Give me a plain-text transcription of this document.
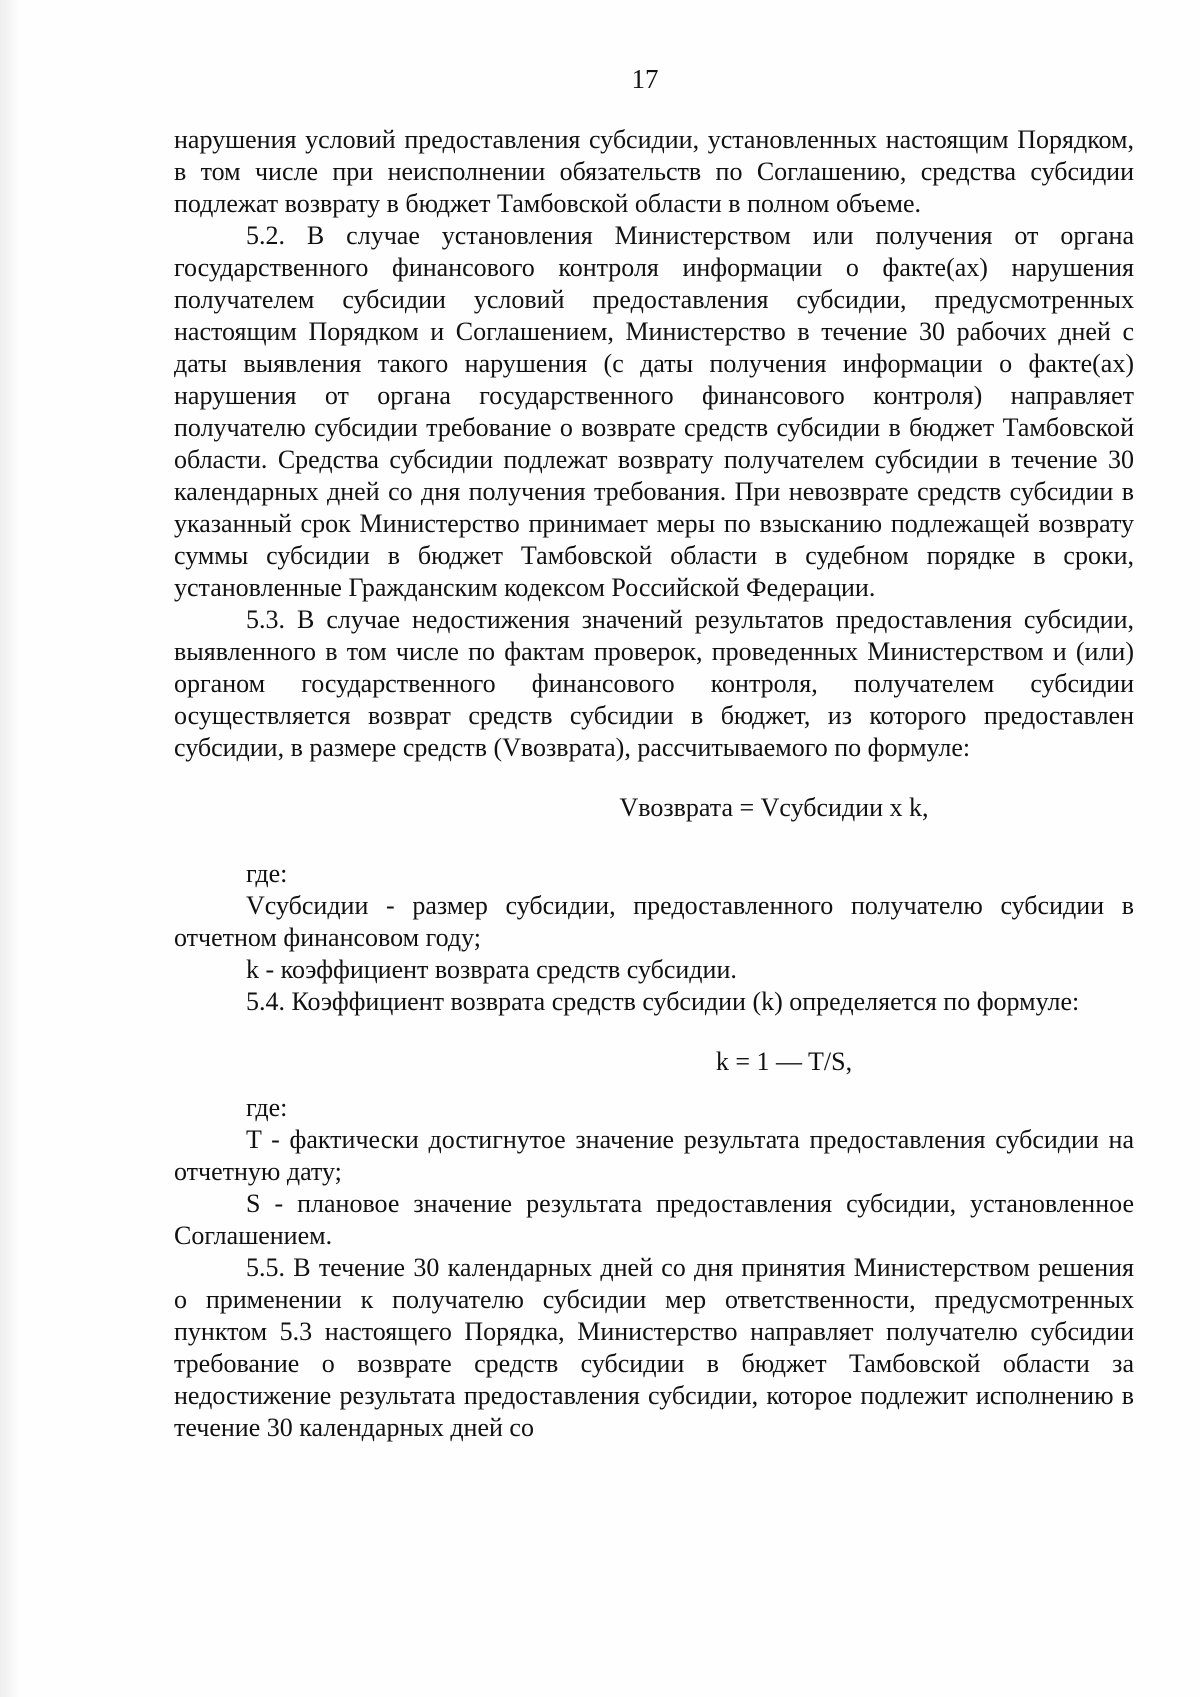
17

нарушения условий предоставления субсидии, установленных настоящим Порядком, в том числе при неисполнении обязательств по Соглашению, средства субсидии подлежат возврату в бюджет Тамбовской области в полном объеме.

5.2. В случае установления Министерством или получения от органа государственного финансового контроля информации о факте(ах) нарушения получателем субсидии условий предоставления субсидии, предусмотренных настоящим Порядком и Соглашением, Министерство в течение 30 рабочих дней с даты выявления такого нарушения (с даты получения информации о факте(ах) нарушения от органа государственного финансового контроля) направляет получателю субсидии требование о возврате средств субсидии в бюджет Тамбовской области. Средства субсидии подлежат возврату получателем субсидии в течение 30 календарных дней со дня получения требования. При невозврате средств субсидии в указанный срок Министерство принимает меры по взысканию подлежащей возврату суммы субсидии в бюджет Тамбовской области в судебном порядке в сроки, установленные Гражданским кодексом Российской Федерации.

5.3. В случае недостижения значений результатов предоставления субсидии, выявленного в том числе по фактам проверок, проведенных Министерством и (или) органом государственного финансового контроля, получателем субсидии осуществляется возврат средств субсидии в бюджет, из которого предоставлен субсидии, в размере средств (Vвозврата), рассчитываемого по формуле:

Vвозврата = Vсубсидии x k,

где:

Vсубсидии - размер субсидии, предоставленного получателю субсидии в отчетном финансовом году;

k - коэффициент возврата средств субсидии.

5.4. Коэффициент возврата средств субсидии (k) определяется по формуле:

k = 1 — T/S,

где:

T - фактически достигнутое значение результата предоставления субсидии на отчетную дату;

S - плановое значение результата предоставления субсидии, установленное Соглашением.

5.5. В течение 30 календарных дней со дня принятия Министерством решения о применении к получателю субсидии мер ответственности, предусмотренных пунктом 5.3 настоящего Порядка, Министерство направляет получателю субсидии требование о возврате средств субсидии в бюджет Тамбовской области за недостижение результата предоставления субсидии, которое подлежит исполнению в течение 30 календарных дней со
